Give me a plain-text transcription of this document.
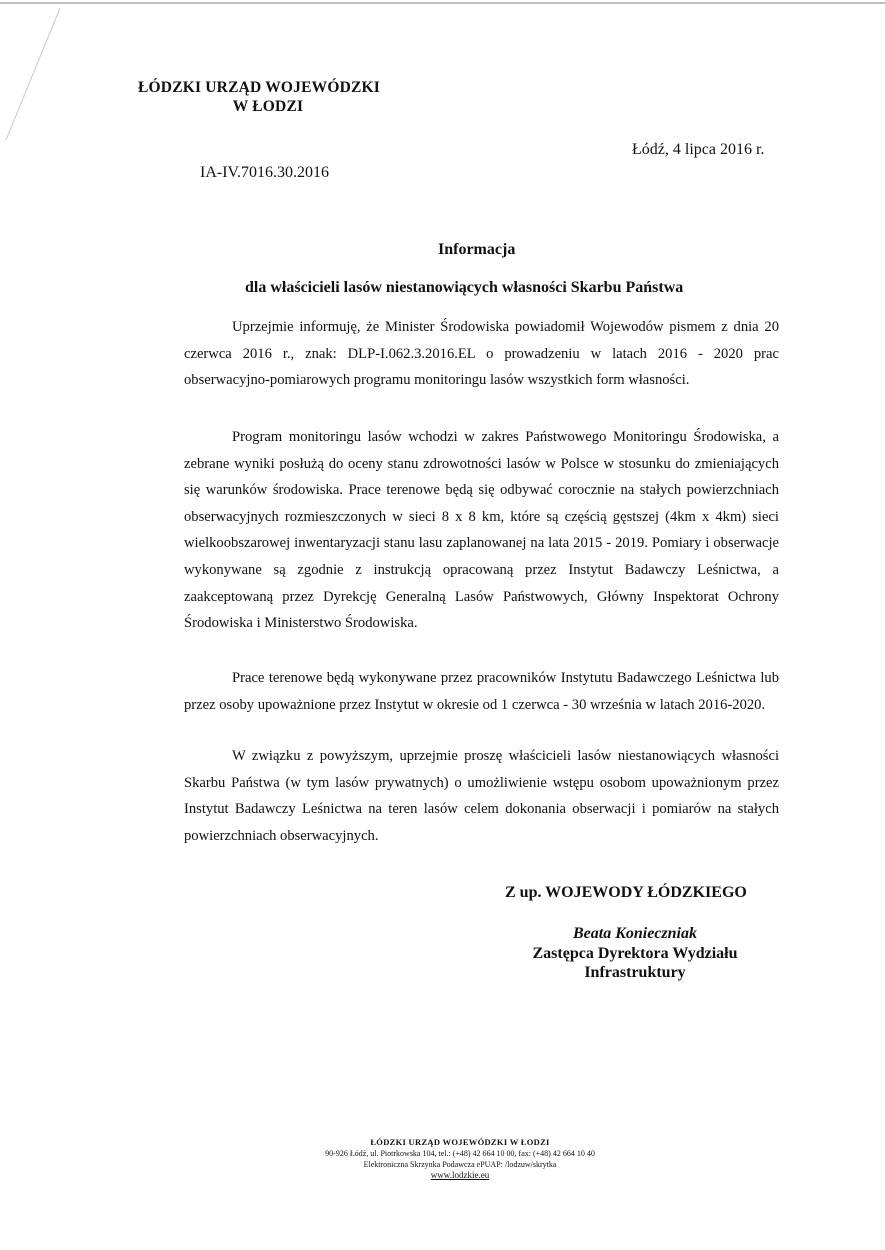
ŁÓDZKI URZĄD WOJEWÓDZKI
W ŁODZI
Łódź, 4 lipca 2016 r.
IA-IV.7016.30.2016
Informacja
dla właścicieli lasów niestanowiących własności Skarbu Państwa
Uprzejmie informuję, że Minister Środowiska powiadomił Wojewodów pismem z dnia 20 czerwca 2016 r., znak: DLP-I.062.3.2016.EL o prowadzeniu w latach 2016 - 2020 prac obserwacyjno-pomiarowych programu monitoringu lasów wszystkich form własności.
Program monitoringu lasów wchodzi w zakres Państwowego Monitoringu Środowiska, a zebrane wyniki posłużą do oceny stanu zdrowotności lasów w Polsce w stosunku do zmieniających się warunków środowiska. Prace terenowe będą się odbywać corocznie na stałych powierzchniach obserwacyjnych rozmieszczonych w sieci 8 x 8 km, które są częścią gęstszej (4km x 4km) sieci wielkoobszarowej inwentaryzacji stanu lasu zaplanowanej na lata 2015 - 2019. Pomiary i obserwacje wykonywane są zgodnie z instrukcją opracowaną przez Instytut Badawczy Leśnictwa, a zaakceptowaną przez Dyrekcję Generalną Lasów Państwowych, Główny Inspektorat Ochrony Środowiska i Ministerstwo Środowiska.
Prace terenowe będą wykonywane przez pracowników Instytutu Badawczego Leśnictwa lub przez osoby upoważnione przez Instytut w okresie od 1 czerwca - 30 września w latach 2016-2020.
W związku z powyższym, uprzejmie proszę właścicieli lasów niestanowiących własności Skarbu Państwa (w tym lasów prywatnych) o umożliwienie wstępu osobom upoważnionym przez Instytut Badawczy Leśnictwa na teren lasów celem dokonania obserwacji i pomiarów na stałych powierzchniach obserwacyjnych.
Z up. WOJEWODY ŁÓDZKIEGO
Beata Konieczniak
Zastępca Dyrektora Wydziału
Infrastruktury
ŁÓDZKI URZĄD WOJEWÓDZKI W ŁODZI
90-926 Łódź, ul. Piotrkowska 104, tel.: (+48) 42 664 10 00, fax: (+48) 42 664 10 40
Elektroniczna Skrzynka Podawcza ePUAP: /lodzuw/skrytka
www.lodzkie.eu
